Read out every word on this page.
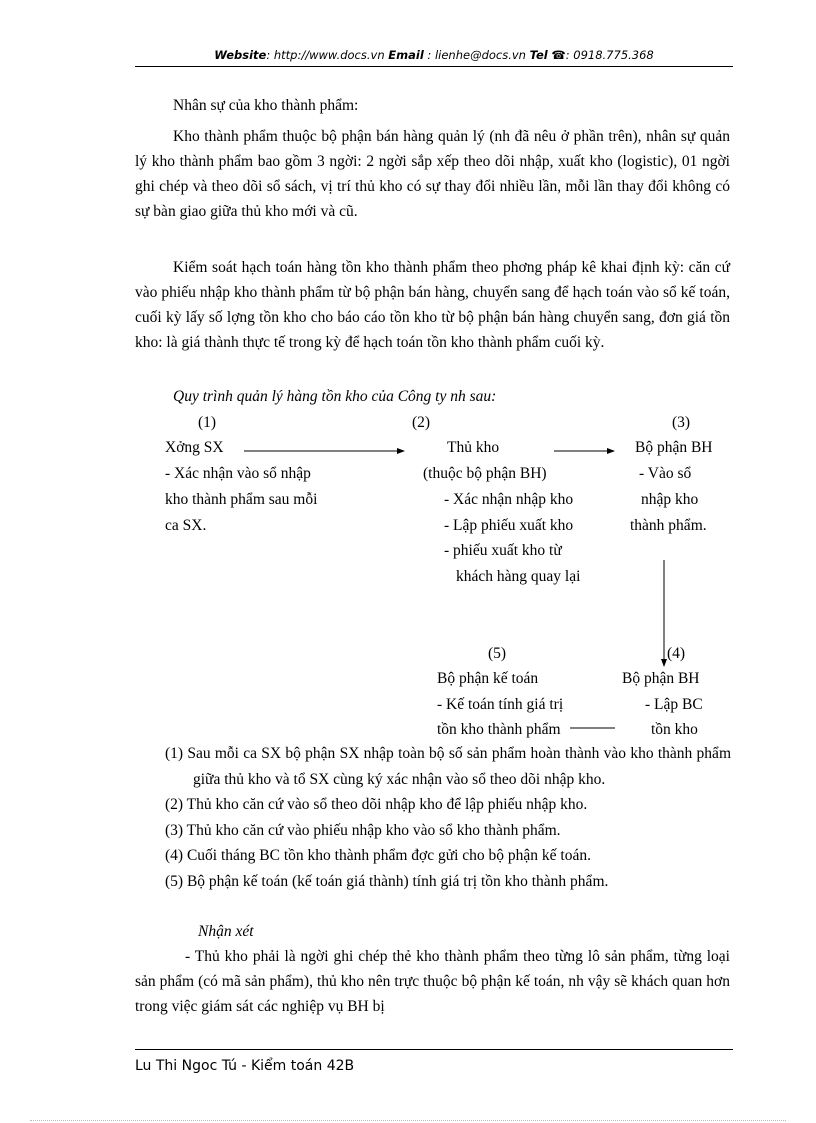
Website: http://www.docs.vn Email : lienhe@docs.vn Tel ☎: 0918.775.368
Nhân sự của kho thành phẩm:
Kho thành phẩm thuộc bộ phận bán hàng quản lý (nh đã nêu ở phần trên), nhân sự quản lý kho thành phẩm bao gồm 3 ngời: 2 ngời sắp xếp theo dõi nhập, xuất kho (logistic), 01 ngời ghi chép và theo dõi sổ sách, vị trí thủ kho có sự thay đổi nhiều lần, mỗi lần thay đổi không có sự bàn giao giữa thủ kho mới và cũ.
Kiểm soát hạch toán hàng tồn kho thành phẩm theo phơng pháp kê khai định kỳ: căn cứ vào phiếu nhập kho thành phẩm từ bộ phận bán hàng, chuyển sang để hạch toán vào sổ kế toán, cuối kỳ lấy số lợng tồn kho cho báo cáo tồn kho từ bộ phận bán hàng chuyển sang, đơn giá tồn kho: là giá thành thực tế trong kỳ để hạch toán tồn kho thành phẩm cuối kỳ.
Quy trình quản lý hàng tồn kho của Công ty nh sau:
(1)	(2)	(3)
Xởng SX
- Xác nhận vào sổ nhập
kho thành phẩm sau mỗi
ca SX.
Thủ kho
(thuộc bộ phận BH)
- Xác nhận nhập kho
- Lập phiếu xuất kho
- phiếu xuất kho từ
khách hàng quay lại
Bộ phận BH
- Vào sổ
nhập kho
thành phẩm.
(5)	(4)
Bộ phận kế toán
- Kế toán tính giá trị
tồn kho thành phẩm
Bộ phận BH
- Lập BC
tồn kho
(1) Sau mỗi ca SX bộ phận SX nhập toàn bộ số sản phẩm hoàn thành vào kho thành phẩm giữa thủ kho và tổ SX cùng ký xác nhận vào sổ theo dõi nhập kho.
(2) Thủ kho căn cứ vào sổ theo dõi nhập kho để lập phiếu nhập kho.
(3) Thủ kho căn cứ vào phiếu nhập kho vào sổ kho thành phẩm.
(4) Cuối tháng BC tồn kho thành phẩm đợc gửi cho bộ phận kế toán.
(5) Bộ phận kế toán (kế toán giá thành) tính giá trị tồn kho thành phẩm.
Nhận xét
- Thủ kho phải là ngời ghi chép thẻ kho thành phẩm theo từng lô sản phẩm, từng loại sản phẩm (có mã sản phẩm), thủ kho nên trực thuộc bộ phận kế toán, nh vậy sẽ khách quan hơn trong việc giám sát các nghiệp vụ BH bị
Lu Thi Ngoc Tú - Kiểm toán 42B
